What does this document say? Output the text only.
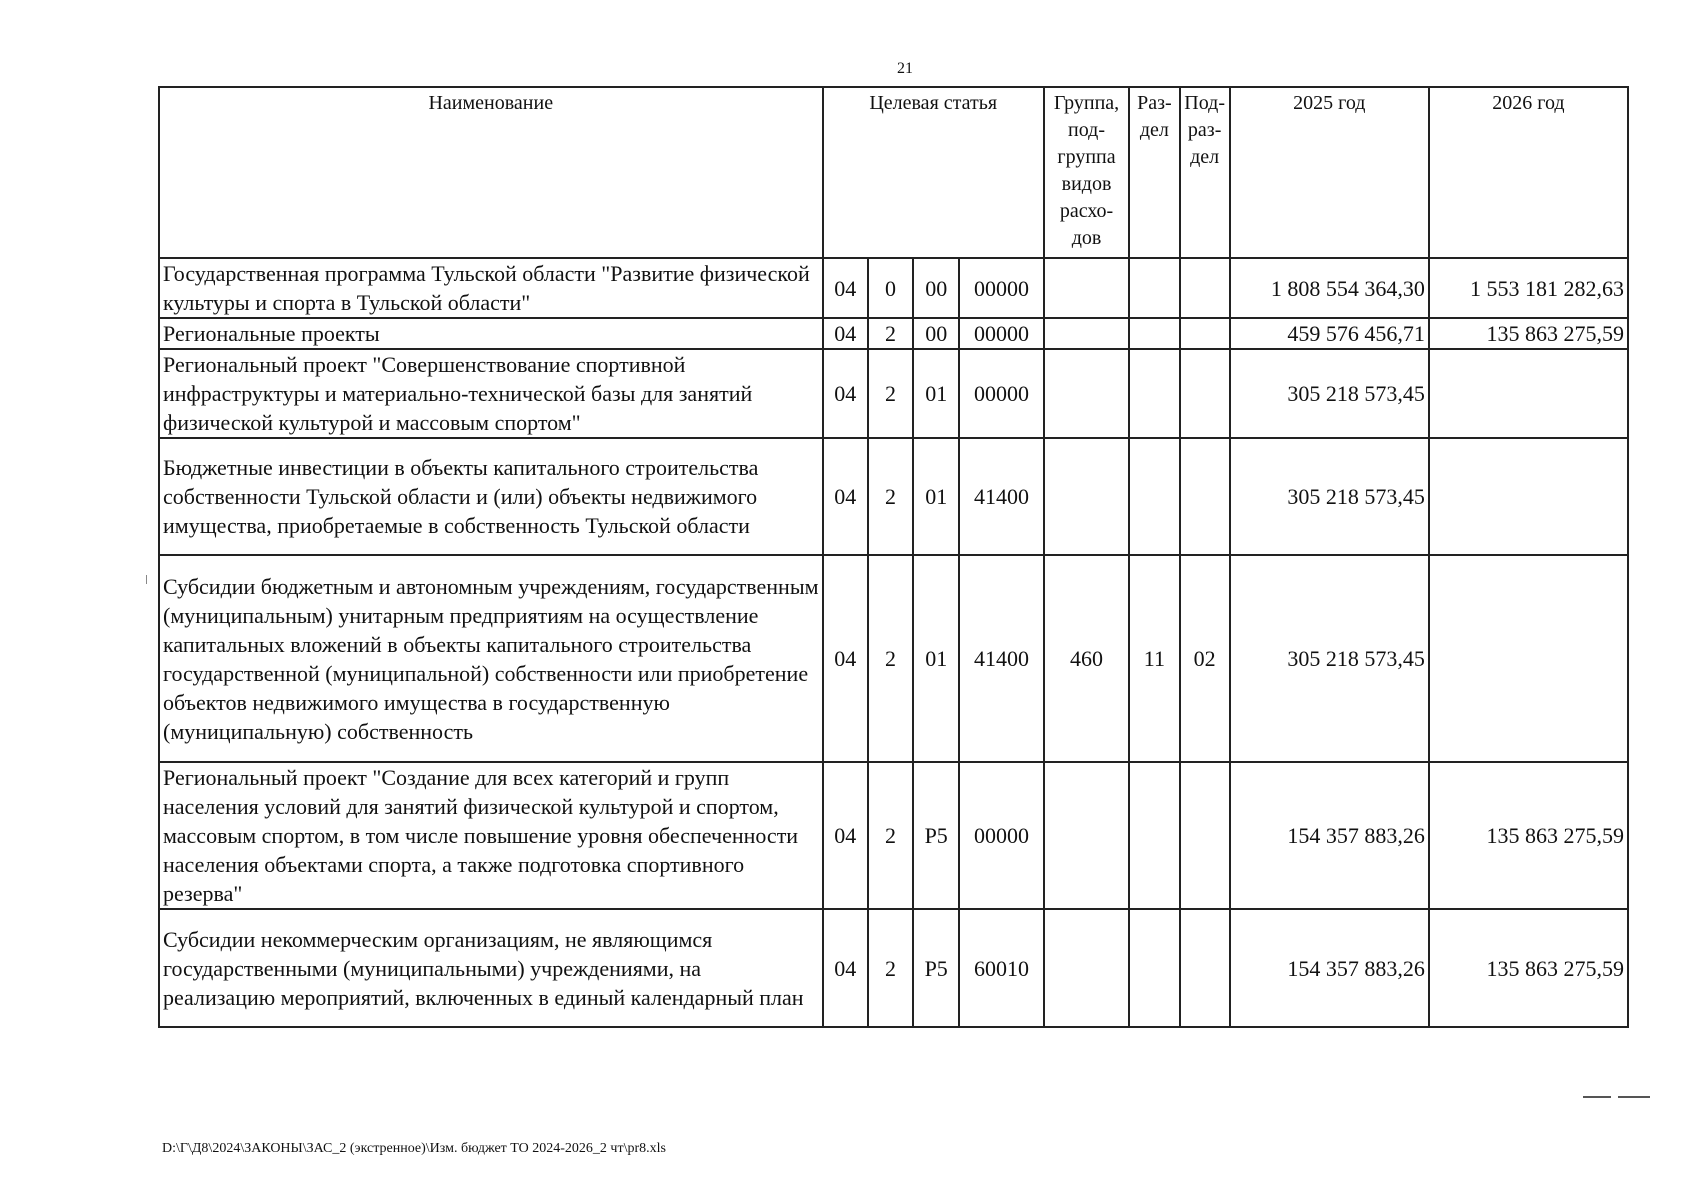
21
Наименование	Целевая статья				Группа, под-группа видов расхо-дов	Раз-дел	Под-раз-дел	2025 год	2026 год
Государственная программа Тульской области "Развитие физической культуры и спорта в Тульской области"	04	0	00	00000				1 808 554 364,30	1 553 181 282,63
Региональные проекты	04	2	00	00000				459 576 456,71	135 863 275,59
Региональный проект "Совершенствование спортивной инфраструктуры и материально-технической базы для занятий физической культурой и массовым спортом"	04	2	01	00000				305 218 573,45	
Бюджетные инвестиции в объекты капитального строительства собственности Тульской области и (или) объекты недвижимого имущества, приобретаемые в собственность Тульской области	04	2	01	41400				305 218 573,45	
Субсидии бюджетным и автономным учреждениям, государственным (муниципальным) унитарным предприятиям на осуществление капитальных вложений в объекты капитального строительства государственной (муниципальной) собственности или приобретение объектов недвижимого имущества в государственную (муниципальную) собственность	04	2	01	41400	460	11	02	305 218 573,45	
Региональный проект "Создание для всех категорий и групп населения условий для занятий физической культурой и спортом, массовым спортом, в том числе повышение уровня обеспеченности населения объектами спорта, а также подготовка спортивного резерва"	04	2	P5	00000				154 357 883,26	135 863 275,59
Субсидии некоммерческим организациям, не являющимся государственными (муниципальными) учреждениями, на реализацию мероприятий, включенных в единый календарный план	04	2	P5	60010				154 357 883,26	135 863 275,59
D:\Г\Д8\2024\ЗАКОНЫ\ЗАС_2 (экстренное)\Изм. бюджет ТО 2024-2026_2 чт\pr8.xls
